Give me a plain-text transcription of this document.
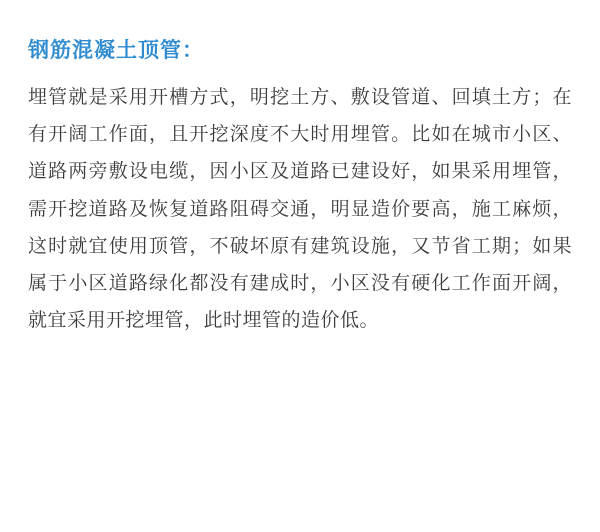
钢筋混凝土顶管：

埋管就是采用开槽方式，明挖土方、敷设管道、回填土方；在有开阔工作面，且开挖深度不大时用埋管。比如在城市小区、道路两旁敷设电缆，因小区及道路已建设好，如果采用埋管，需开挖道路及恢复道路阻碍交通，明显造价要高，施工麻烦，这时就宜使用顶管，不破坏原有建筑设施，又节省工期；如果属于小区道路绿化都没有建成时，小区没有硬化工作面开阔，就宜采用开挖埋管，此时埋管的造价低。
